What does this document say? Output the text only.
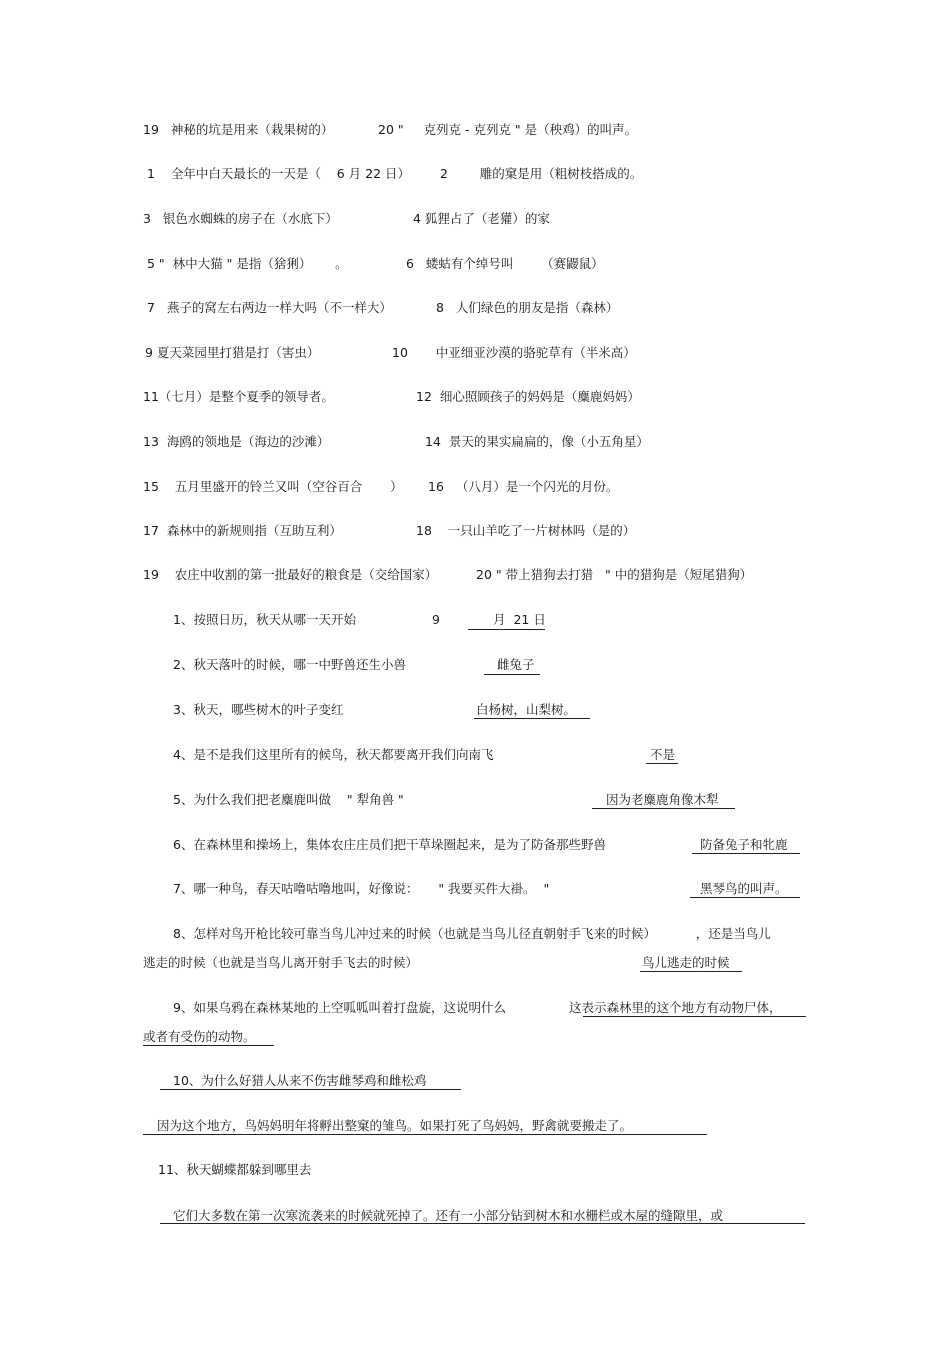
19   神秘的坑是用来（栽果树的）	20 "     克列克 - 克列克 " 是（秧鸡）的叫声。
1    全年中白天最长的一天是（    6 月 22 日） 2        雕的窠是用（粗树枝搭成的。
3   银色水蜘蛛的房子在（水底下）	4 狐狸占了（老獾）的家
5 "  林中大猫 " 是指（猞猁）      。	6   蝼蛄有个绰号叫       （赛鼹鼠）
7   燕子的窝左右两边一样大吗（不一样大）	8   人们绿色的朋友是指（森林）
9 夏天菜园里打猎是打（害虫）	10       中亚细亚沙漠的骆驼草有（半米高）
11（七月）是整个夏季的领导者。	12  细心照顾孩子的妈妈是（麋鹿妈妈）
13  海鸥的领地是（海边的沙滩）	14  景天的果实扁扁的，像（小五角星）
15    五月里盛开的铃兰又叫（空谷百合       ） 16   （八月）是一个闪光的月份。
17  森林中的新规则指（互助互利）	18    一只山羊吃了一片树林吗（是的）
19    农庄中收割的第一批最好的粮食是（交给国家）	20 " 带上猎狗去打猎   " 中的猎狗是（短尾猎狗）
1、按照日历，秋天从哪一天开始	9	月  21 日
2、秋天落叶的时候，哪一中野兽还生小兽	雌兔子
3、秋天，哪些树木的叶子变红	白杨树，山梨树。
4、是不是我们这里所有的候鸟，秋天都要离开我们向南飞	不是
5、为什么我们把老麋鹿叫做    " 犁角兽 "	因为老麋鹿角像木犁
6、在森林里和操场上，集体农庄庄员们把干草垛圈起来，是为了防备那些野兽	防备兔子和牝鹿
7、哪一种鸟，春天咕噜咕噜地叫，好像说：     " 我要买件大褂。  "	黑琴鸟的叫声。
8、怎样对鸟开枪比较可靠当鸟儿冲过来的时候（也就是当鸟儿径直朝射手飞来的时候）          ，还是当鸟儿
逃走的时候（也就是当鸟儿离开射手飞去的时候）	鸟儿逃走的时候
9、如果乌鸦在森林某地的上空呱呱叫着打盘旋，这说明什么	这表示森林里的这个地方有动物尸体，
或者有受伤的动物。
10、为什么好猎人从来不伤害雌琴鸡和雌松鸡
因为这个地方，鸟妈妈明年将孵出整窠的雏鸟。如果打死了鸟妈妈，野禽就要搬走了。
11、秋天蝴蝶都躲到哪里去
它们大多数在第一次寒流袭来的时候就死掉了。还有一小部分钻到树木和水栅栏或木屋的缝隙里，或
